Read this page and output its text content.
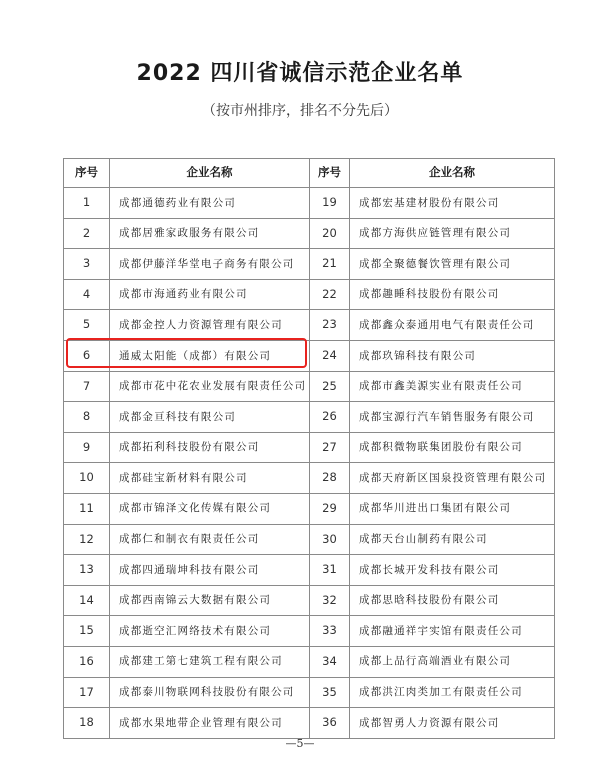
2022 四川省诚信示范企业名单
（按市州排序，排名不分先后）
序号	企业名称	序号	企业名称
1	成都通德药业有限公司	19	成都宏基建材股份有限公司
2	成都居雅家政服务有限公司	20	成都方海供应链管理有限公司
3	成都伊藤洋华堂电子商务有限公司	21	成都全聚德餐饮管理有限公司
4	成都市海通药业有限公司	22	成都趣睡科技股份有限公司
5	成都金控人力资源管理有限公司	23	成都鑫众泰通用电气有限责任公司
6	通威太阳能（成都）有限公司	24	成都玖锦科技有限公司
7	成都市花中花农业发展有限责任公司	25	成都市鑫美源实业有限责任公司
8	成都金亘科技有限公司	26	成都宝源行汽车销售服务有限公司
9	成都拓利科技股份有限公司	27	成都积微物联集团股份有限公司
10	成都硅宝新材料有限公司	28	成都天府新区国泉投资管理有限公司
11	成都市锦泽文化传媒有限公司	29	成都华川进出口集团有限公司
12	成都仁和制衣有限责任公司	30	成都天台山制药有限公司
13	成都四通瑞坤科技有限公司	31	成都长城开发科技有限公司
14	成都西南锦云大数据有限公司	32	成都思晗科技股份有限公司
15	成都逝空汇网络技术有限公司	33	成都融通祥宇实馆有限责任公司
16	成都建工第七建筑工程有限公司	34	成都上品行高端酒业有限公司
17	成都泰川物联网科技股份有限公司	35	成都洪江肉类加工有限责任公司
18	成都水果地带企业管理有限公司	36	成都智勇人力资源有限公司
—5—
